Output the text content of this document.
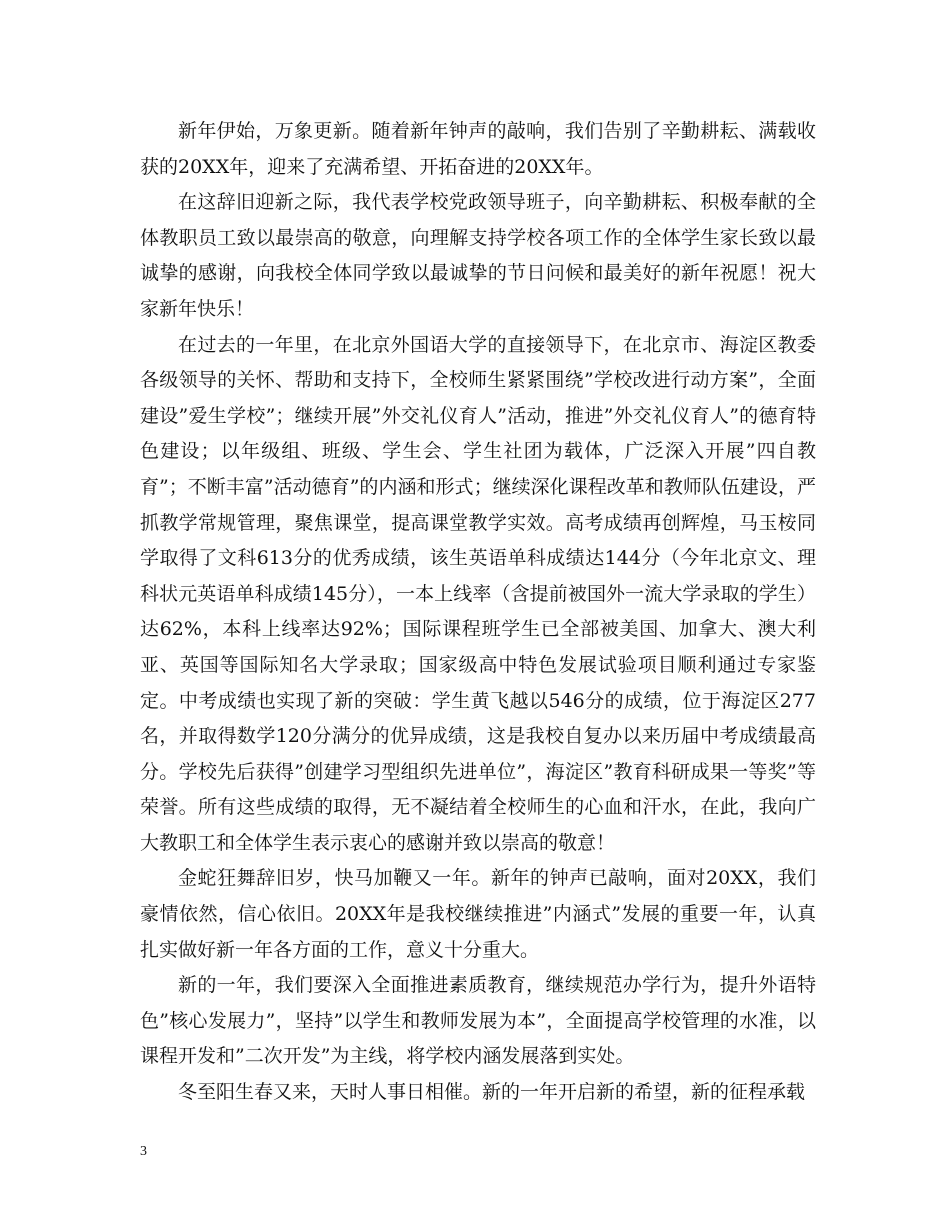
新年伊始，万象更新。随着新年钟声的敲响，我们告别了辛勤耕耘、满载收获的20XX年，迎来了充满希望、开拓奋进的20XX年。

在这辞旧迎新之际，我代表学校党政领导班子，向辛勤耕耘、积极奉献的全体教职员工致以最崇高的敬意，向理解支持学校各项工作的全体学生家长致以最诚挚的感谢，向我校全体同学致以最诚挚的节日问候和最美好的新年祝愿！祝大家新年快乐！

在过去的一年里，在北京外国语大学的直接领导下，在北京市、海淀区教委各级领导的关怀、帮助和支持下，全校师生紧紧围绕”学校改进行动方案”，全面建设”爱生学校”；继续开展”外交礼仪育人”活动，推进”外交礼仪育人”的德育特色建设；以年级组、班级、学生会、学生社团为载体，广泛深入开展”四自教育”；不断丰富”活动德育”的内涵和形式；继续深化课程改革和教师队伍建设，严抓教学常规管理，聚焦课堂，提高课堂教学实效。高考成绩再创辉煌，马玉桉同学取得了文科613分的优秀成绩，该生英语单科成绩达144分（今年北京文、理科状元英语单科成绩145分），一本上线率（含提前被国外一流大学录取的学生）达62%，本科上线率达92%；国际课程班学生已全部被美国、加拿大、澳大利亚、英国等国际知名大学录取；国家级高中特色发展试验项目顺利通过专家鉴定。中考成绩也实现了新的突破：学生黄飞越以546分的成绩，位于海淀区277名，并取得数学120分满分的优异成绩，这是我校自复办以来历届中考成绩最高分。学校先后获得”创建学习型组织先进单位”，海淀区”教育科研成果一等奖”等荣誉。所有这些成绩的取得，无不凝结着全校师生的心血和汗水，在此，我向广大教职工和全体学生表示衷心的感谢并致以崇高的敬意！

金蛇狂舞辞旧岁，快马加鞭又一年。新年的钟声已敲响，面对20XX，我们豪情依然，信心依旧。20XX年是我校继续推进”内涵式”发展的重要一年，认真扎实做好新一年各方面的工作，意义十分重大。

新的一年，我们要深入全面推进素质教育，继续规范办学行为，提升外语特色”核心发展力”，坚持”以学生和教师发展为本”，全面提高学校管理的水准，以课程开发和”二次开发”为主线，将学校内涵发展落到实处。

冬至阳生春又来，天时人事日相催。新的一年开启新的希望，新的征程承载

3
